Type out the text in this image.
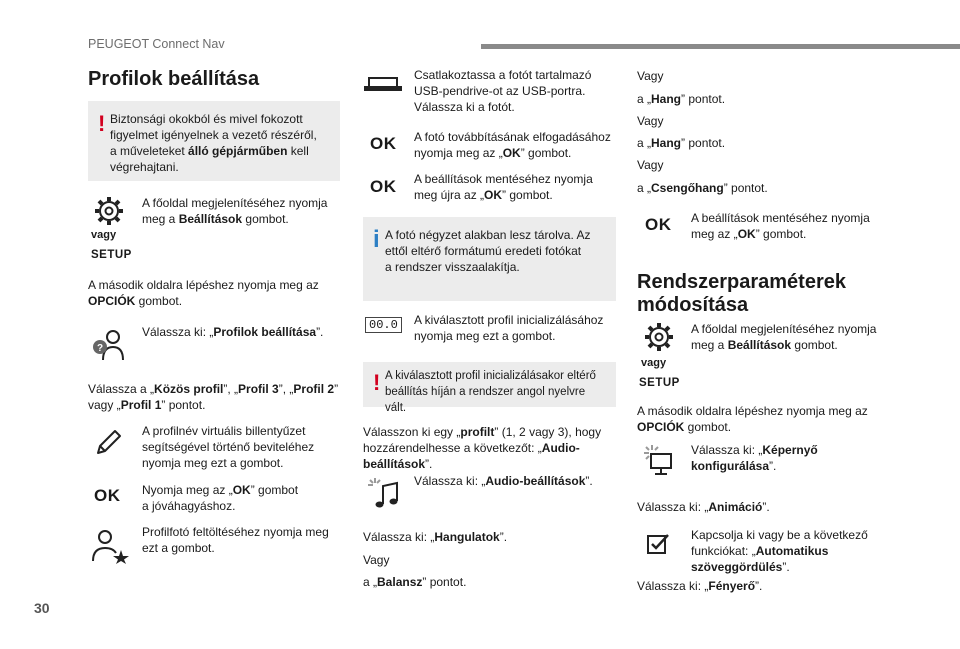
PEUGEOT Connect Nav
30
Profilok beállítása
! Biztonsági okokból és mivel fokozott
figyelmet igényelnek a vezető részéről,
a műveleteket álló gépjárműben kell
végrehajtani.
vagy
SETUP
A főoldal megjelenítéséhez nyomja
meg a Beállítások gombot.
A második oldalra lépéshez nyomja meg az
OPCIÓK gombot.
?
Válassza ki: „Profilok beállítása”.
Válassza a „Közös profil”, „Profil 3”, „Profil 2”
vagy „Profil 1” pontot.
A profilnév virtuális billentyűzet
segítségével történő beviteléhez
nyomja meg ezt a gombot.
OK Nyomja meg az „OK” gombot
a jóváhagyáshoz.
Profilfotó feltöltéséhez nyomja meg
ezt a gombot.
Csatlakoztassa a fotót tartalmazó
USB-pendrive-ot az USB-portra.
Válassza ki a fotót.
OK A fotó továbbításának elfogadásához
nyomja meg az „OK” gombot.
OK A beállítások mentéséhez nyomja
meg újra az „OK” gombot.
i A fotó négyzet alakban lesz tárolva. Az
ettől eltérő formátumú eredeti fotókat
a rendszer visszaalakítja.
00.0	A kiválasztott profil inicializálásához
nyomja meg ezt a gombot.
! A kiválasztott profil inicializálásakor eltérő
beállítás híján a rendszer angol nyelvre vált.
Válasszon ki egy „profilt” (1, 2 vagy 3), hogy
hozzárendelhesse a következőt: „Audio-
beállítások”.
Válassza ki: „Audio-beállítások”.
Válassza ki: „Hangulatok”.
Vagy
a „Balansz” pontot.
Vagy
a „Hang” pontot.
Vagy
a „Hang” pontot.
Vagy
a „Csengőhang” pontot.
OK A beállítások mentéséhez nyomja
meg az „OK” gombot.
Rendszerparaméterek
módosítása
vagy
SETUP
A főoldal megjelenítéséhez nyomja
meg a Beállítások gombot.
A második oldalra lépéshez nyomja meg az
OPCIÓK gombot.
Válassza ki: „Képernyő
konfigurálása”.
Válassza ki: „Animáció”.
Kapcsolja ki vagy be a következő
funkciókat: „Automatikus
szöveggördülés”.
Válassza ki: „Fényerő”.
